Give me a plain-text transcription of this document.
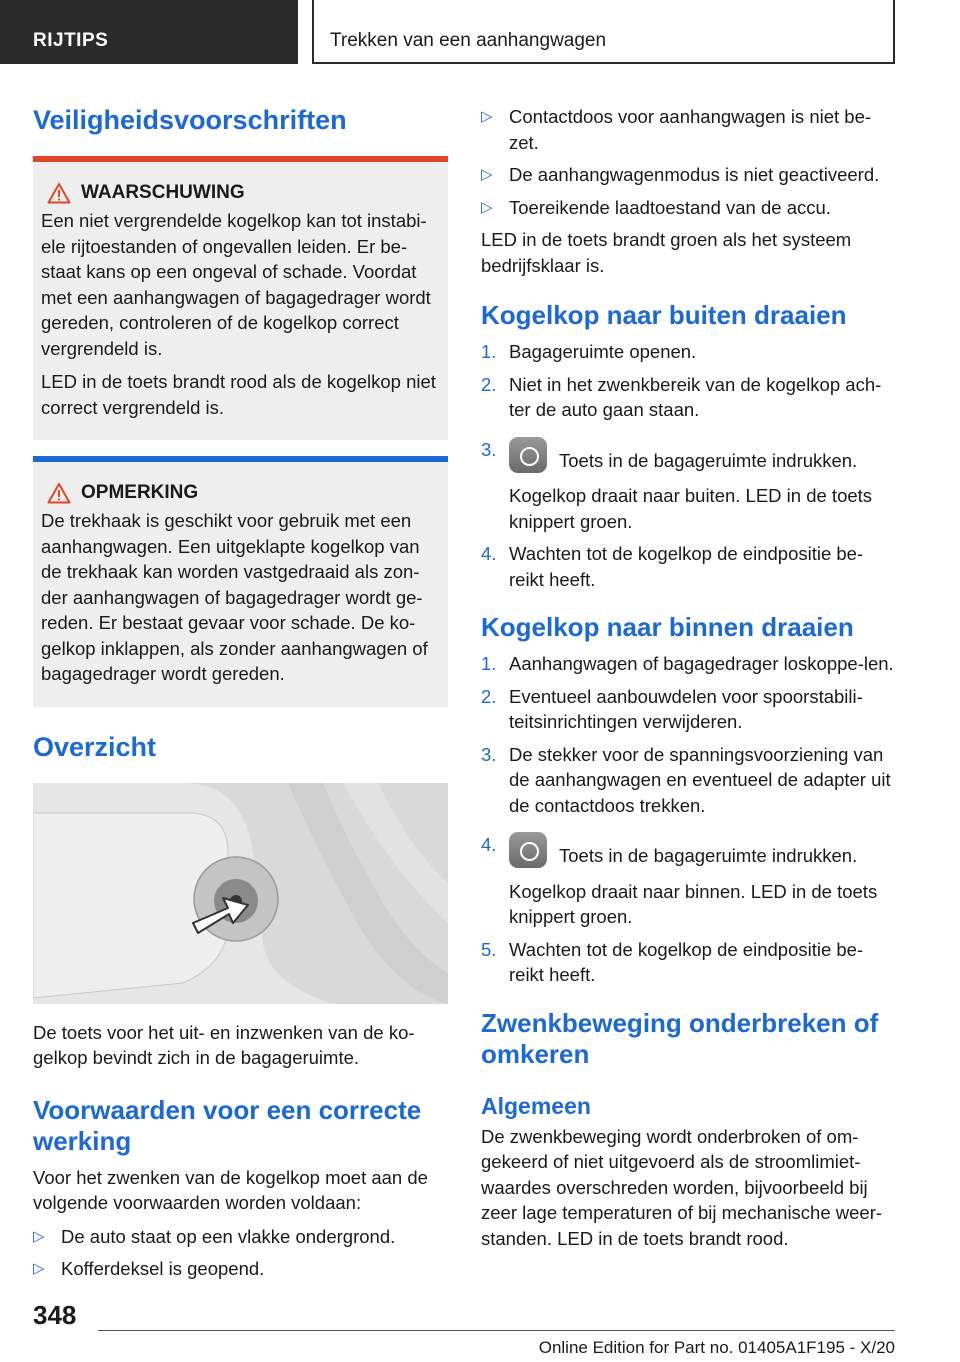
RIJTIPS	Trekken van een aanhangwagen
Veiligheidsvoorschriften
WAARSCHUWING

Een niet vergrendelde kogelkop kan tot instabi-ele rijtoestanden of ongevallen leiden. Er be-staat kans op een ongeval of schade. Voordat met een aanhangwagen of bagagedrager wordt gereden, controleren of de kogelkop correct vergrendeld is.

LED in de toets brandt rood als de kogelkop niet correct vergrendeld is.

OPMERKING

De trekhaak is geschikt voor gebruik met een aanhangwagen. Een uitgeklapte kogelkop van de trekhaak kan worden vastgedraaid als zon-der aanhangwagen of bagagedrager wordt ge-reden. Er bestaat gevaar voor schade. De ko-gelkop inklappen, als zonder aanhangwagen of bagagedrager wordt gereden.

Overzicht

De toets voor het uit- en inzwenken van de ko-gelkop bevindt zich in de bagageruimte.

Voorwaarden voor een correcte werking

Voor het zwenken van de kogelkop moet aan de volgende voorwaarden worden voldaan:

▷ De auto staat op een vlakke ondergrond.
▷ Kofferdeksel is geopend.
▷ Contactdoos voor aanhangwagen is niet be-zet.
▷ De aanhangwagenmodus is niet geactiveerd.
▷ Toereikende laadtoestand van de accu.

LED in de toets brandt groen als het systeem bedrijfsklaar is.

Kogelkop naar buiten draaien
1. Bagageruimte openen.
2. Niet in het zwenkbereik van de kogelkop ach-ter de auto gaan staan.
3.
Toets in de bagageruimte indrukken.
Kogelkop draait naar buiten. LED in de toets knippert groen.
4. Wachten tot de kogelkop de eindpositie be-reikt heeft.
Kogelkop naar binnen draaien
1. Aanhangwagen of bagagedrager loskoppe-len.
2. Eventueel aanbouwdelen voor spoorstabili-teitsinrichtingen verwijderen.
3. De stekker voor de spanningsvoorziening van de aanhangwagen en eventueel de adapter uit de contactdoos trekken.
4.
Toets in de bagageruimte indrukken.
Kogelkop draait naar binnen. LED in de toets knippert groen.
5. Wachten tot de kogelkop de eindpositie be-reikt heeft.
Zwenkbeweging onderbreken of omkeren
Algemeen

De zwenkbeweging wordt onderbroken of om-gekeerd of niet uitgevoerd als de stroomlimiet-waardes overschreden worden, bijvoorbeeld bij zeer lage temperaturen of bij mechanische weer-standen. LED in de toets brandt rood.

348
Online Edition for Part no. 01405A1F195 - X/20
